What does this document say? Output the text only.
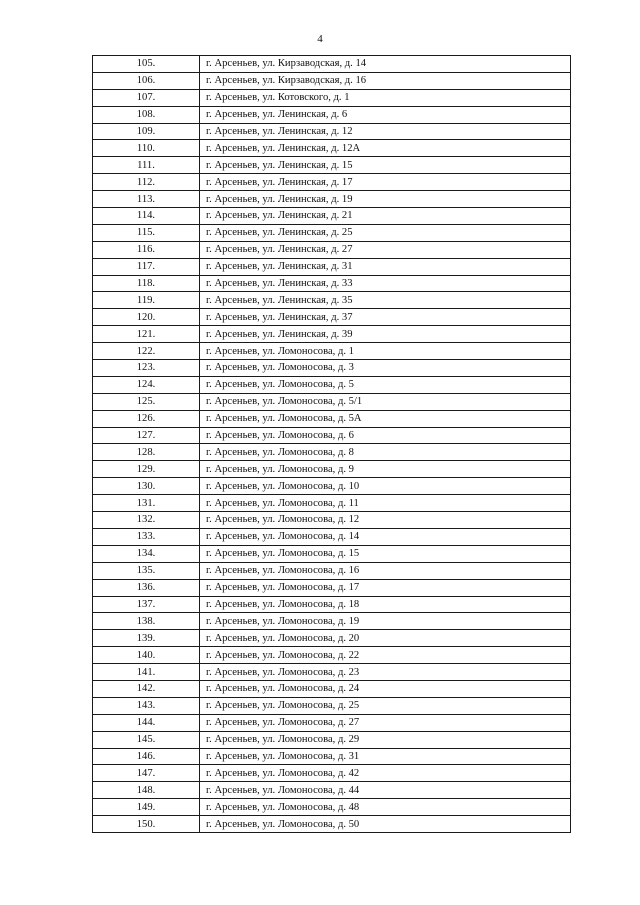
4
105.	г. Арсеньев, ул. Кирзаводская, д. 14
106.	г. Арсеньев, ул. Кирзаводская, д. 16
107.	г. Арсеньев, ул. Котовского, д. 1
108.	г. Арсеньев, ул. Ленинская, д. 6
109.	г. Арсеньев, ул. Ленинская, д. 12
110.	г. Арсеньев, ул. Ленинская, д. 12А
111.	г. Арсеньев, ул. Ленинская, д. 15
112.	г. Арсеньев, ул. Ленинская, д. 17
113.	г. Арсеньев, ул. Ленинская, д. 19
114.	г. Арсеньев, ул. Ленинская, д. 21
115.	г. Арсеньев, ул. Ленинская, д. 25
116.	г. Арсеньев, ул. Ленинская, д. 27
117.	г. Арсеньев, ул. Ленинская, д. 31
118.	г. Арсеньев, ул. Ленинская, д. 33
119.	г. Арсеньев, ул. Ленинская, д. 35
120.	г. Арсеньев, ул. Ленинская, д. 37
121.	г. Арсеньев, ул. Ленинская, д. 39
122.	г. Арсеньев, ул. Ломоносова, д. 1
123.	г. Арсеньев, ул. Ломоносова, д. 3
124.	г. Арсеньев, ул. Ломоносова, д. 5
125.	г. Арсеньев, ул. Ломоносова, д. 5/1
126.	г. Арсеньев, ул. Ломоносова, д. 5А
127.	г. Арсеньев, ул. Ломоносова, д. 6
128.	г. Арсеньев, ул. Ломоносова, д. 8
129.	г. Арсеньев, ул. Ломоносова, д. 9
130.	г. Арсеньев, ул. Ломоносова, д. 10
131.	г. Арсеньев, ул. Ломоносова, д. 11
132.	г. Арсеньев, ул. Ломоносова, д. 12
133.	г. Арсеньев, ул. Ломоносова, д. 14
134.	г. Арсеньев, ул. Ломоносова, д. 15
135.	г. Арсеньев, ул. Ломоносова, д. 16
136.	г. Арсеньев, ул. Ломоносова, д. 17
137.	г. Арсеньев, ул. Ломоносова, д. 18
138.	г. Арсеньев, ул. Ломоносова, д. 19
139.	г. Арсеньев, ул. Ломоносова, д. 20
140.	г. Арсеньев, ул. Ломоносова, д. 22
141.	г. Арсеньев, ул. Ломоносова, д. 23
142.	г. Арсеньев, ул. Ломоносова, д. 24
143.	г. Арсеньев, ул. Ломоносова, д. 25
144.	г. Арсеньев, ул. Ломоносова, д. 27
145.	г. Арсеньев, ул. Ломоносова, д. 29
146.	г. Арсеньев, ул. Ломоносова, д. 31
147.	г. Арсеньев, ул. Ломоносова, д. 42
148.	г. Арсеньев, ул. Ломоносова, д. 44
149.	г. Арсеньев, ул. Ломоносова, д. 48
150.	г. Арсеньев, ул. Ломоносова, д. 50
